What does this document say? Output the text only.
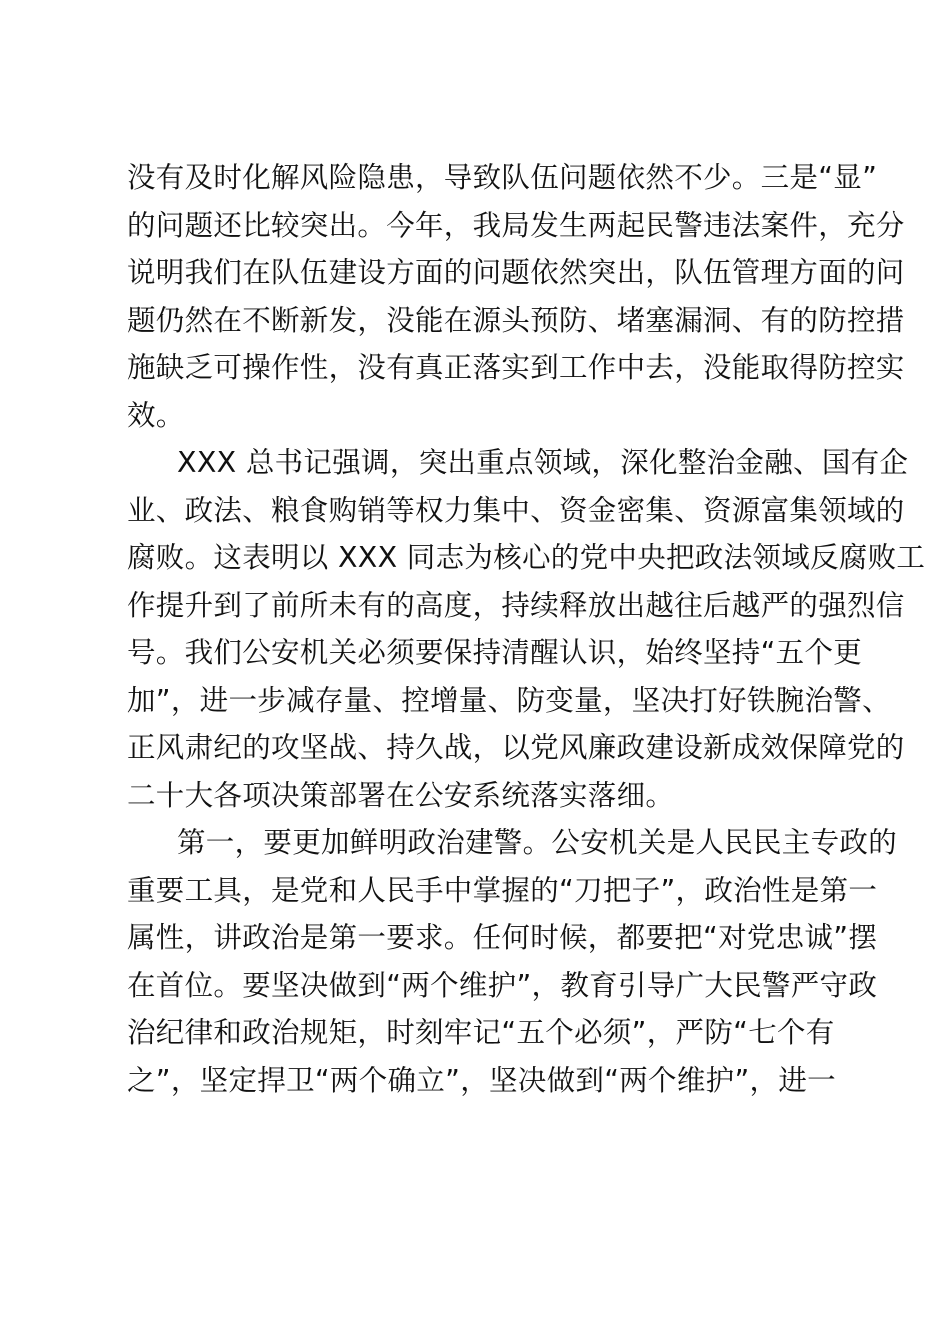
没有及时化解风险隐患，导致队伍问题依然不少。三是“显”
的问题还比较突出。今年，我局发生两起民警违法案件，充分
说明我们在队伍建设方面的问题依然突出，队伍管理方面的问
题仍然在不断新发，没能在源头预防、堵塞漏洞、有的防控措
施缺乏可操作性，没有真正落实到工作中去，没能取得防控实
效。
XXX 总书记强调，突出重点领域，深化整治金融、国有企
业、政法、粮食购销等权力集中、资金密集、资源富集领域的
腐败。这表明以 XXX 同志为核心的党中央把政法领域反腐败工
作提升到了前所未有的高度，持续释放出越往后越严的强烈信
号。我们公安机关必须要保持清醒认识，始终坚持“五个更
加”，进一步减存量、控增量、防变量，坚决打好铁腕治警、
正风肃纪的攻坚战、持久战，以党风廉政建设新成效保障党的
二十大各项决策部署在公安系统落实落细。
第一，要更加鲜明政治建警。公安机关是人民民主专政的
重要工具，是党和人民手中掌握的“刀把子”，政治性是第一
属性，讲政治是第一要求。任何时候，都要把“对党忠诚”摆
在首位。要坚决做到“两个维护”，教育引导广大民警严守政
治纪律和政治规矩，时刻牢记“五个必须”，严防“七个有
之”，坚定捍卫“两个确立”，坚决做到“两个维护”，进一
